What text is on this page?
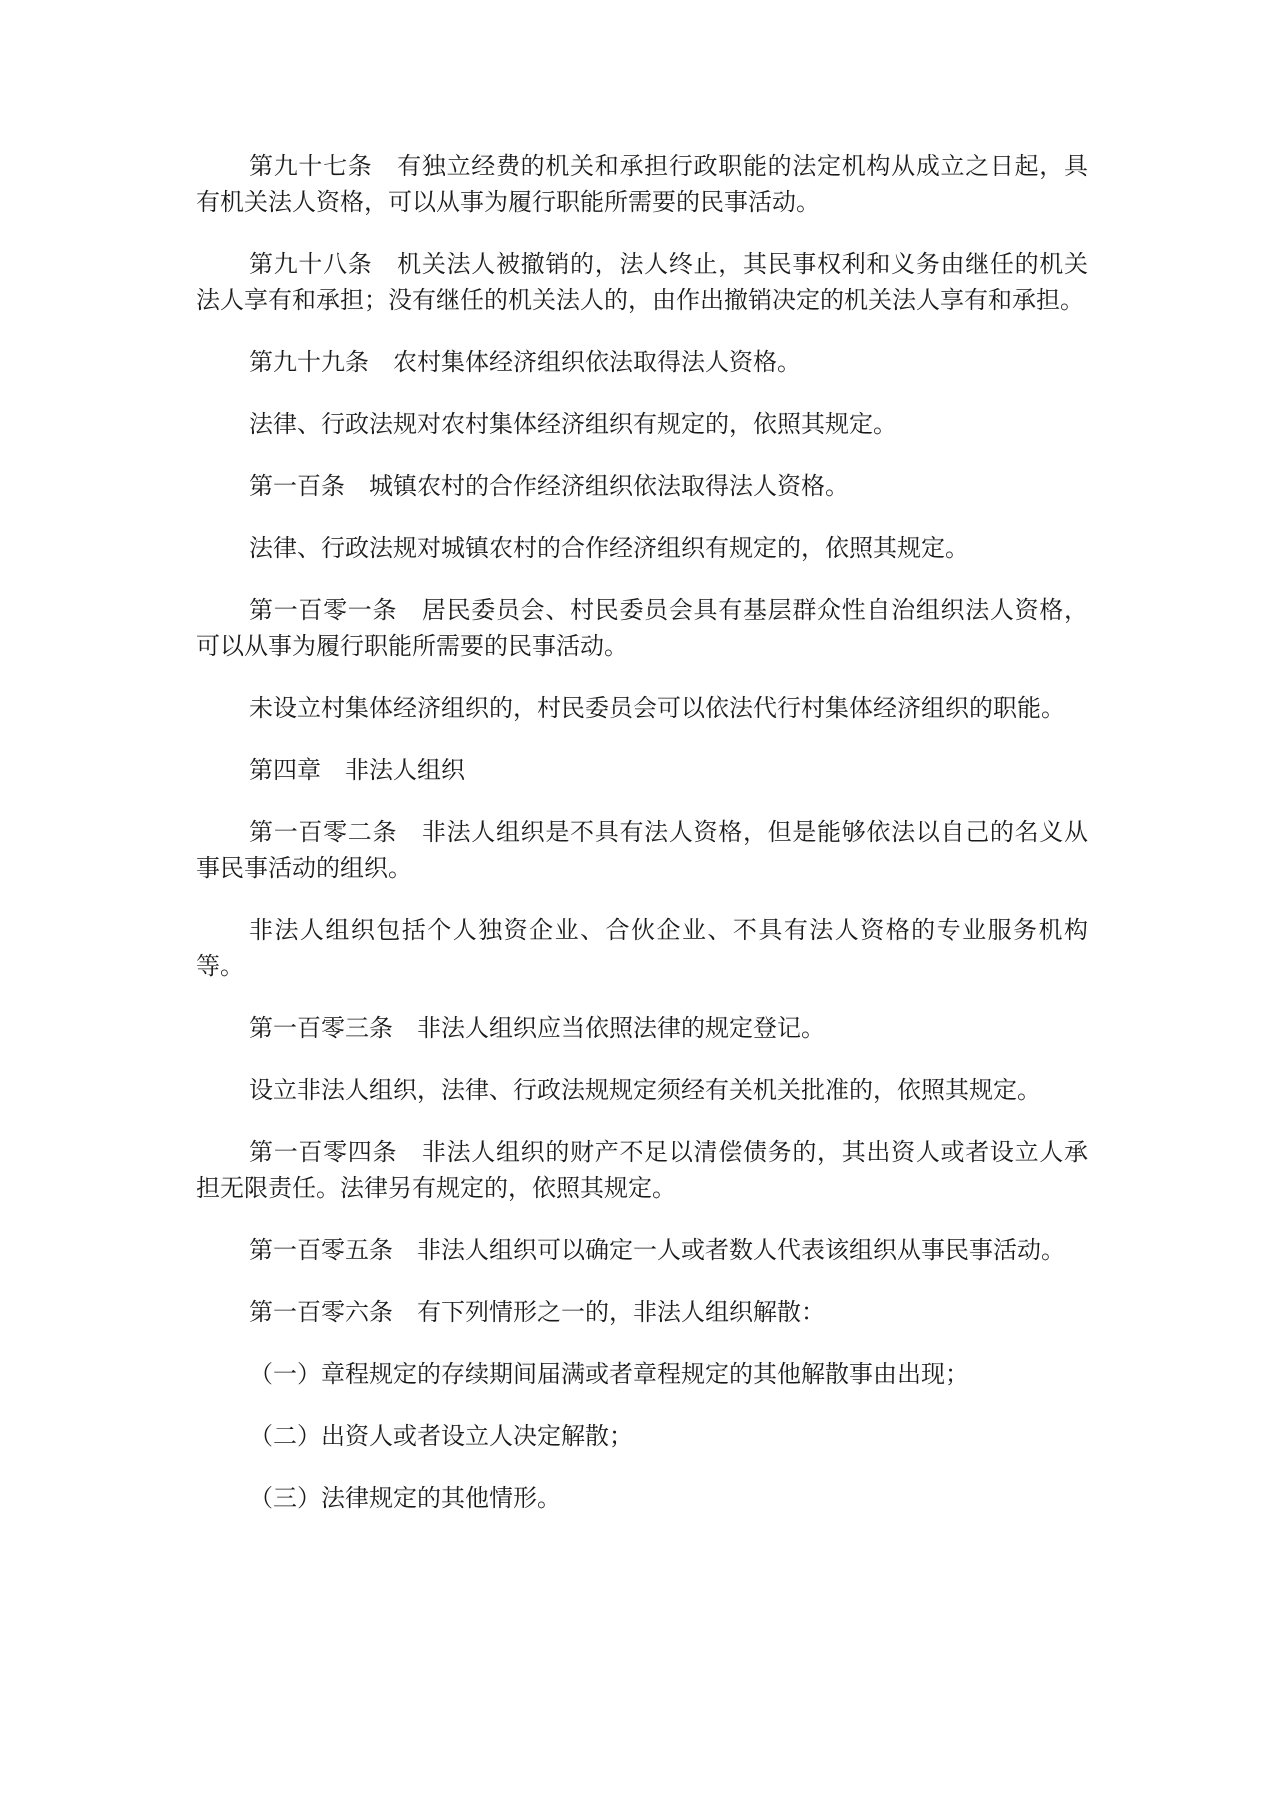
第九十七条　有独立经费的机关和承担行政职能的法定机构从成立之日起，具有机关法人资格，可以从事为履行职能所需要的民事活动。

第九十八条　机关法人被撤销的，法人终止，其民事权利和义务由继任的机关法人享有和承担；没有继任的机关法人的，由作出撤销决定的机关法人享有和承担。

第九十九条　农村集体经济组织依法取得法人资格。

法律、行政法规对农村集体经济组织有规定的，依照其规定。

第一百条　城镇农村的合作经济组织依法取得法人资格。

法律、行政法规对城镇农村的合作经济组织有规定的，依照其规定。

第一百零一条　居民委员会、村民委员会具有基层群众性自治组织法人资格，可以从事为履行职能所需要的民事活动。

未设立村集体经济组织的，村民委员会可以依法代行村集体经济组织的职能。

第四章　非法人组织

第一百零二条　非法人组织是不具有法人资格，但是能够依法以自己的名义从事民事活动的组织。

非法人组织包括个人独资企业、合伙企业、不具有法人资格的专业服务机构等。

第一百零三条　非法人组织应当依照法律的规定登记。

设立非法人组织，法律、行政法规规定须经有关机关批准的，依照其规定。

第一百零四条　非法人组织的财产不足以清偿债务的，其出资人或者设立人承担无限责任。法律另有规定的，依照其规定。

第一百零五条　非法人组织可以确定一人或者数人代表该组织从事民事活动。

第一百零六条　有下列情形之一的，非法人组织解散：

（一）章程规定的存续期间届满或者章程规定的其他解散事由出现；

（二）出资人或者设立人决定解散；

（三）法律规定的其他情形。
